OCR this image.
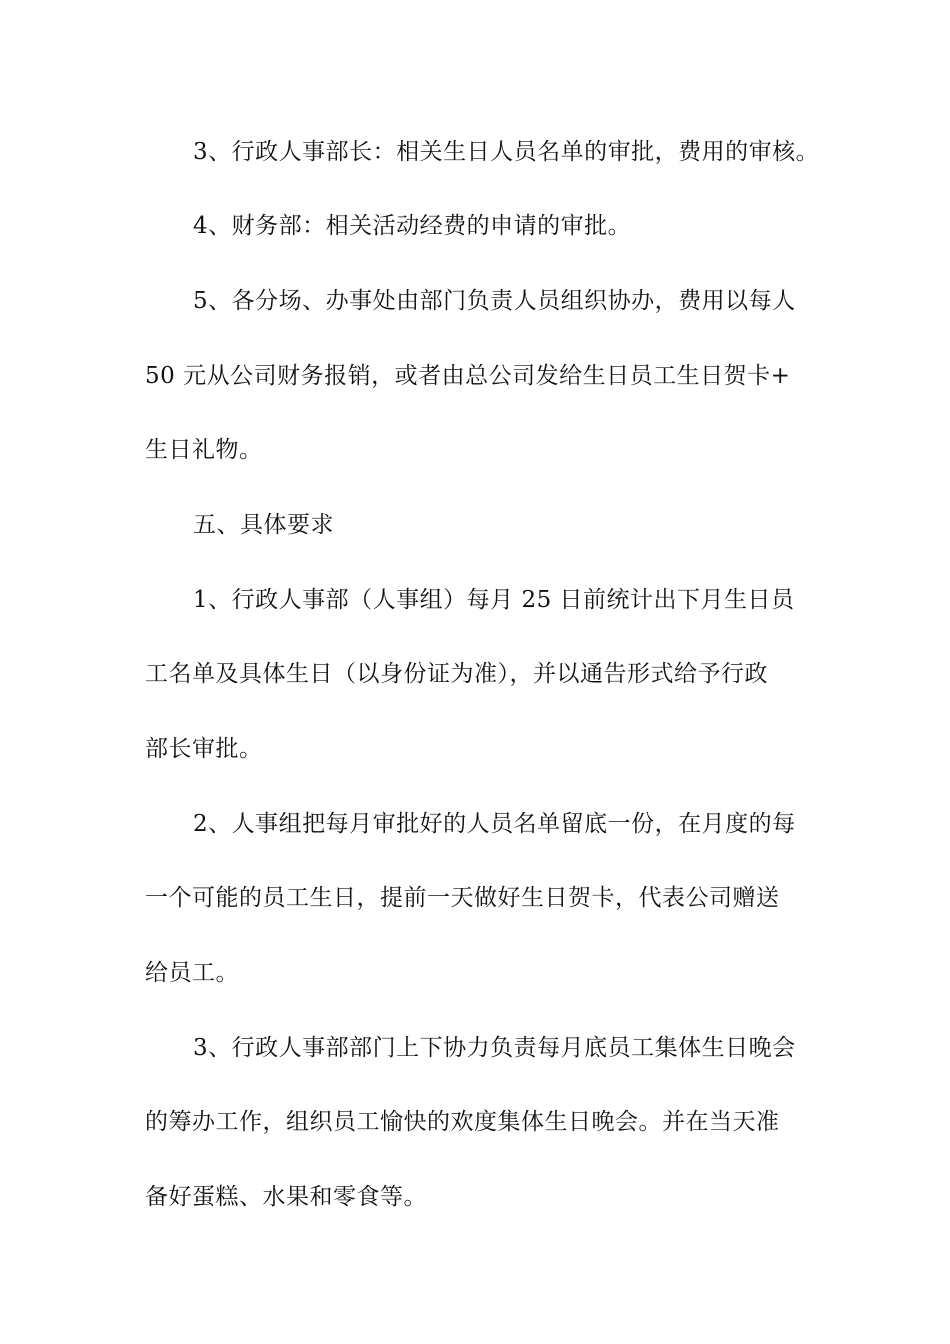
3、行政人事部长：相关生日人员名单的审批，费用的审核。
4、财务部：相关活动经费的申请的审批。
5、各分场、办事处由部门负责人员组织协办，费用以每人
50 元从公司财务报销，或者由总公司发给生日员工生日贺卡+
生日礼物。
五、具体要求
1、行政人事部（人事组）每月 25 日前统计出下月生日员
工名单及具体生日（以身份证为准），并以通告形式给予行政
部长审批。
2、人事组把每月审批好的人员名单留底一份，在月度的每
一个可能的员工生日，提前一天做好生日贺卡，代表公司赠送
给员工。
3、行政人事部部门上下协力负责每月底员工集体生日晚会
的筹办工作，组织员工愉快的欢度集体生日晚会。并在当天准
备好蛋糕、水果和零食等。
